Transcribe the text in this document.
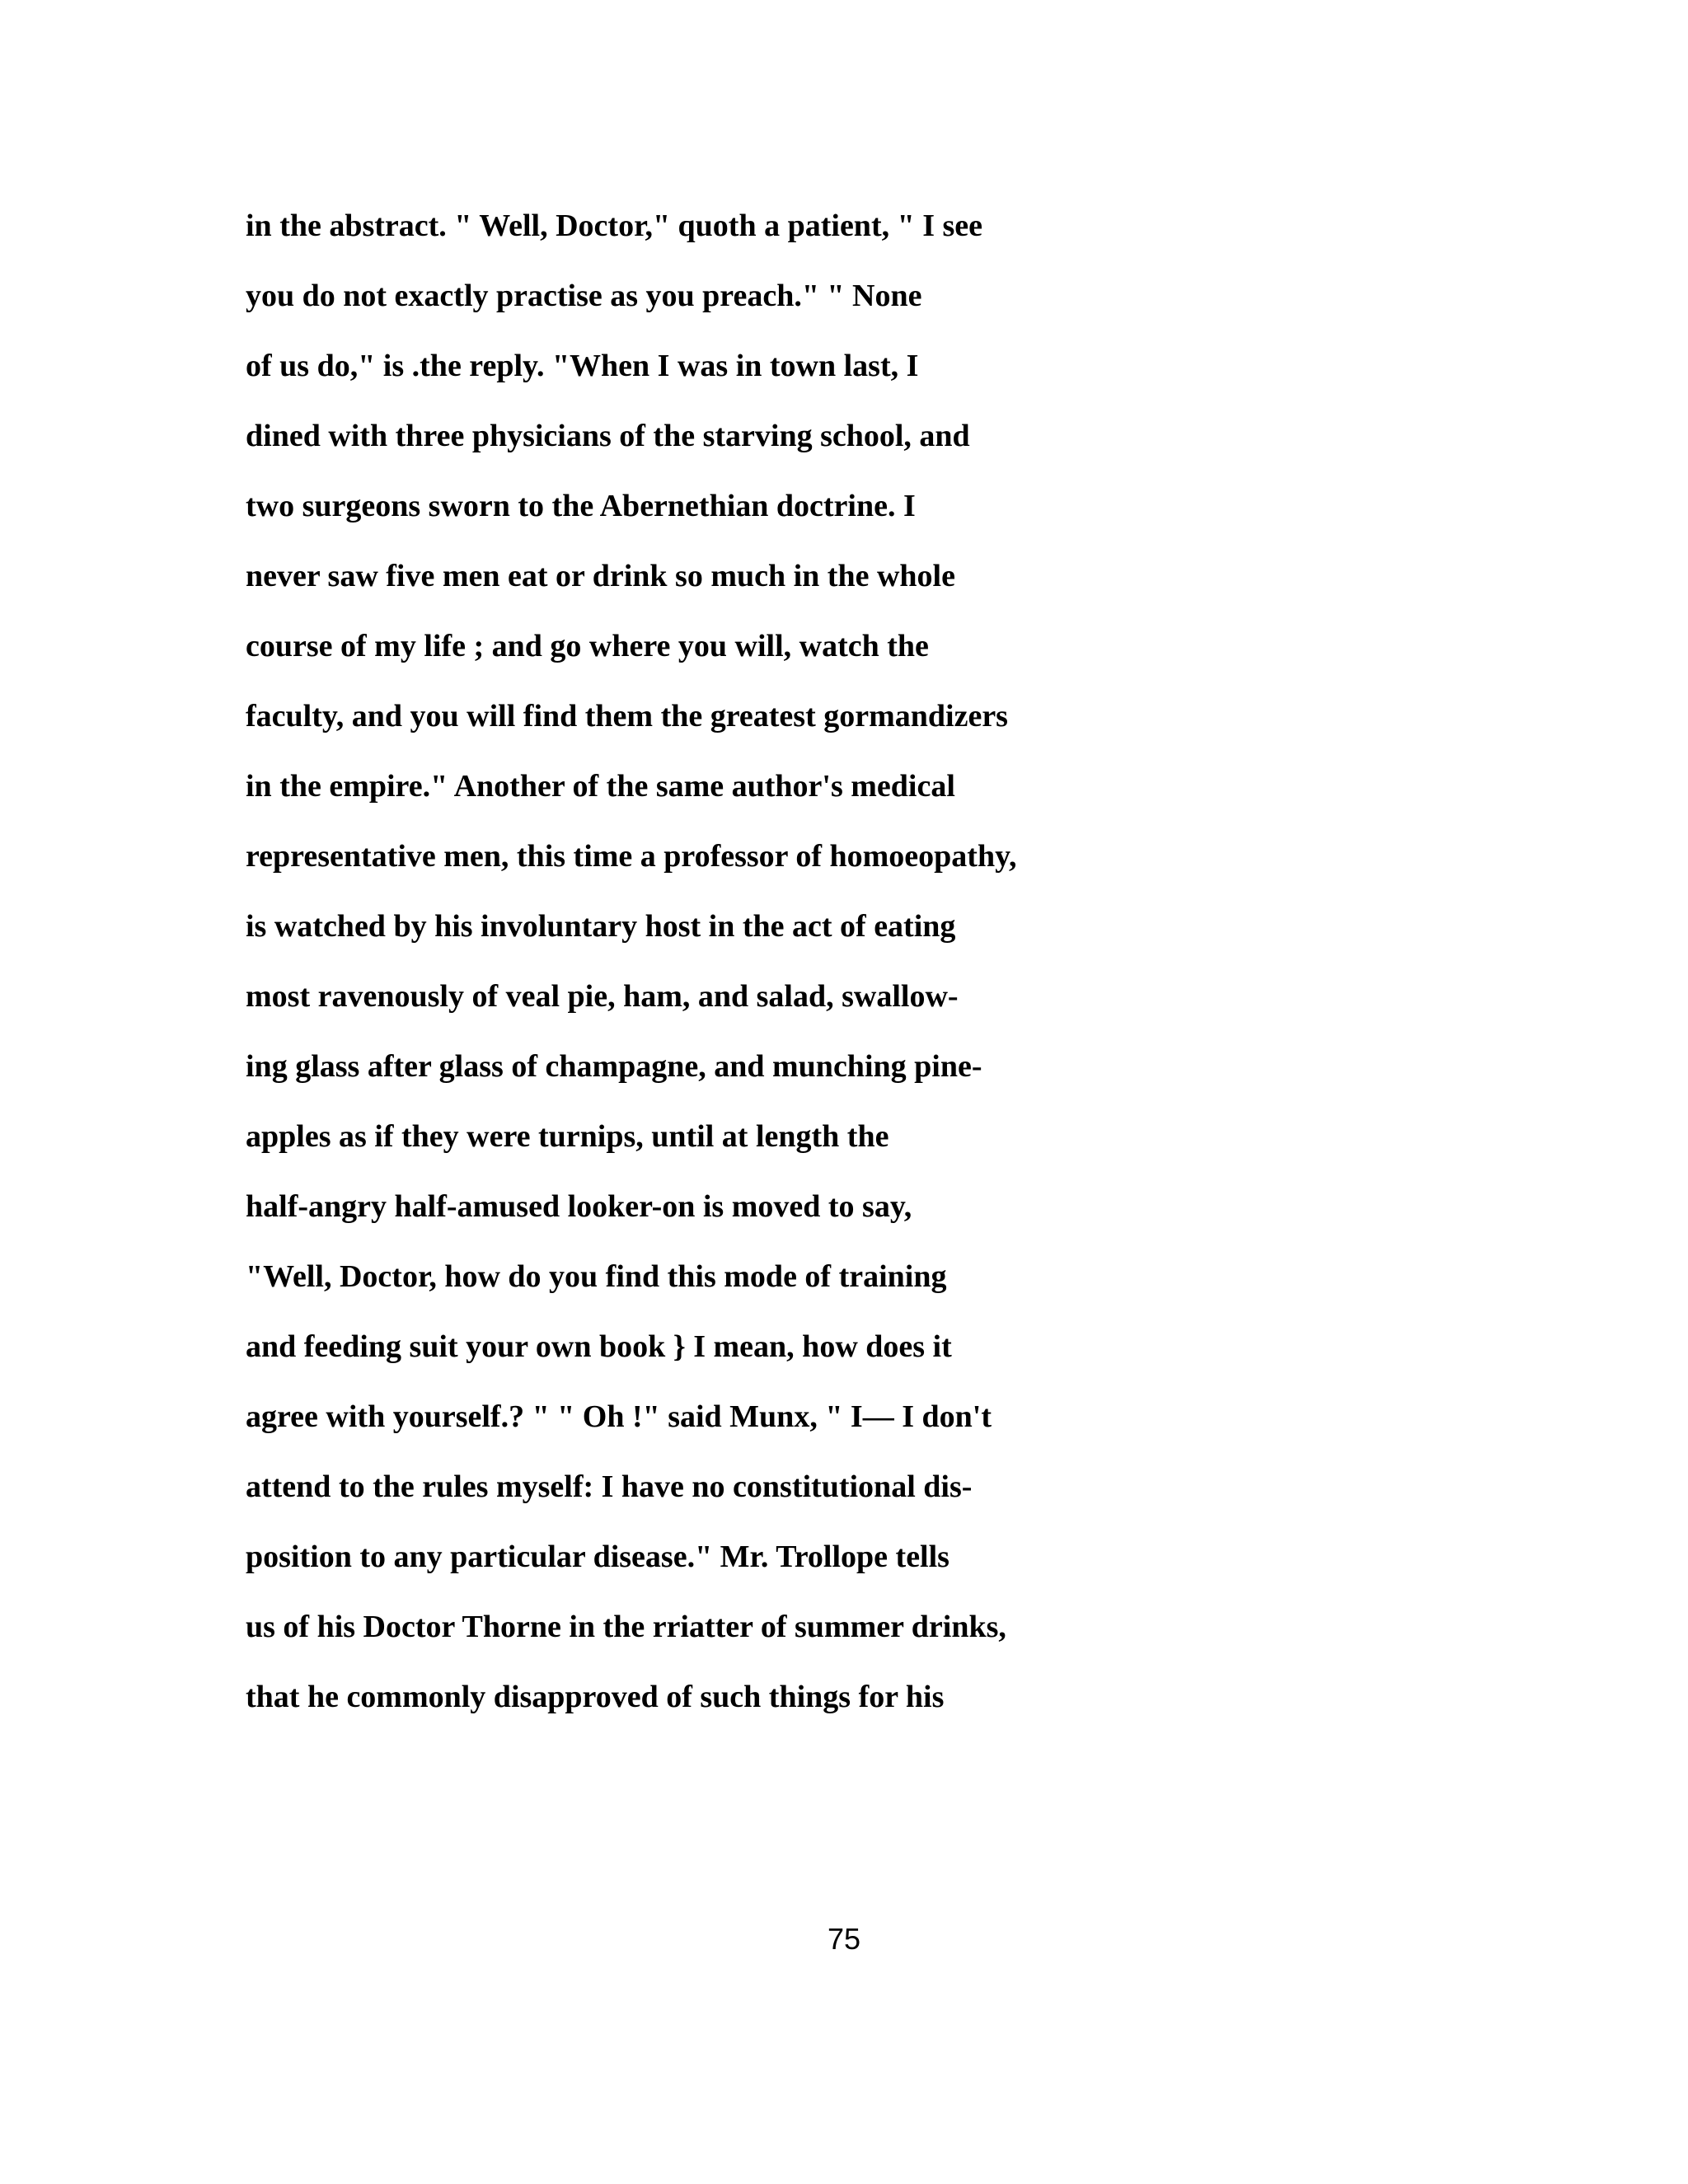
in the abstract. " Well, Doctor," quoth a patient, " I see
you do not exactly practise as you preach." " None
of us do," is .the reply. "When I was in town last, I
dined with three physicians of the starving school, and
two surgeons sworn to the Abernethian doctrine. I
never saw five men eat or drink so much in the whole
course of my life ; and go where you will, watch the
faculty, and you will find them the greatest gormandizers
in the empire." Another of the same author's medical
representative men, this time a professor of homoeopathy,
is watched by his involuntary host in the act of eating
most ravenously of veal pie, ham, and salad, swallow-
ing glass after glass of champagne, and munching pine-
apples as if they were turnips, until at length the
half-angry half-amused looker-on is moved to say,
"Well, Doctor, how do you find this mode of training
and feeding suit your own book } I mean, how does it
agree with yourself.? " " Oh !" said Munx, " I— I don't
attend to the rules myself: I have no constitutional dis-
position to any particular disease." Mr. Trollope tells
us of his Doctor Thorne in the rriatter of summer drinks,
that he commonly disapproved of such things for his
75
